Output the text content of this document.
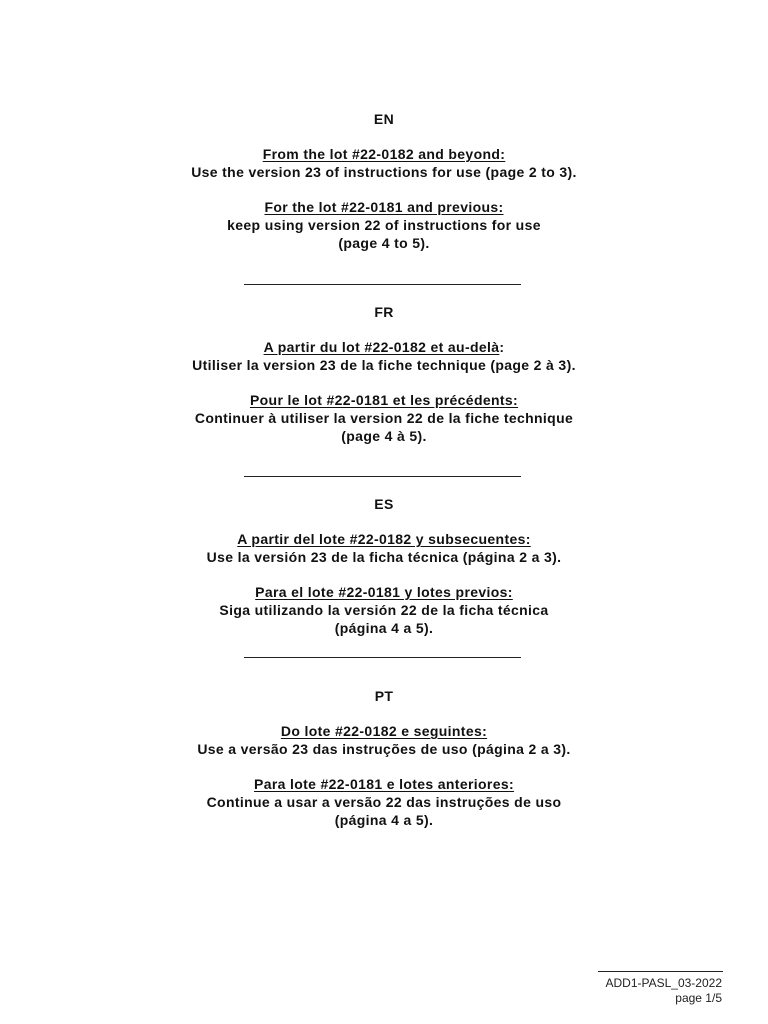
EN
From the lot #22-0182 and beyond:
Use the version 23 of instructions for use (page 2 to 3).
For the lot #22-0181 and previous:
keep using version 22 of instructions for use
(page 4 to 5).
FR
A partir du lot #22-0182 et au-delà:
Utiliser la version 23 de la fiche technique (page 2 à 3).
Pour le lot #22-0181 et les précédents:
Continuer à utiliser la version 22 de la fiche technique
(page 4 à 5).
ES
A partir del lote #22-0182 y subsecuentes:
Use la versión 23 de la ficha técnica (página 2 a 3).
Para el lote #22-0181 y lotes previos:
Siga utilizando la versión 22 de la ficha técnica
(página 4 a 5).
PT
Do lote #22-0182 e seguintes:
Use a versão 23 das instruções de uso (página 2 a 3).
Para lote #22-0181 e lotes anteriores:
Continue a usar a versão 22 das instruções de uso
(página 4 a 5).
ADD1-PASL_03-2022
page 1/5
